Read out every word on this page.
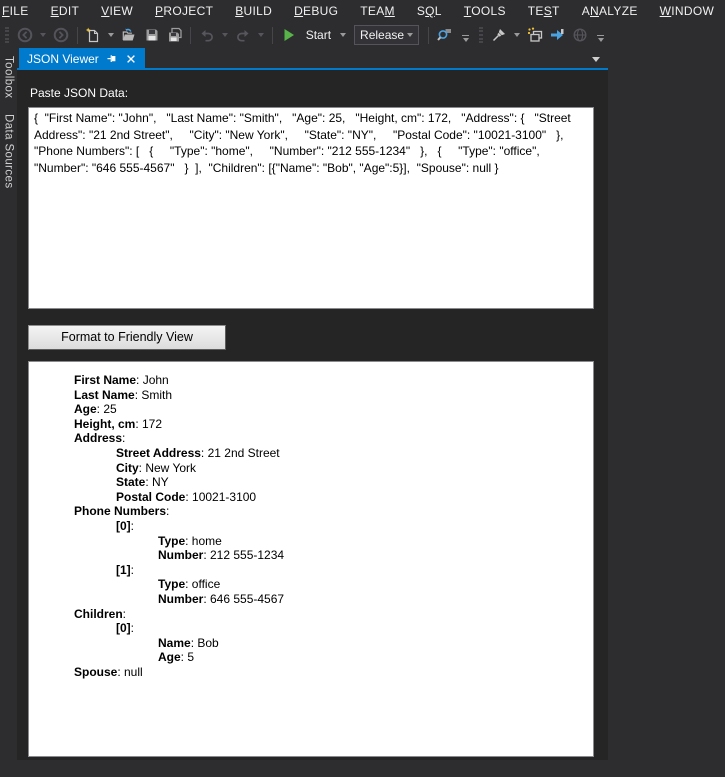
FILE	EDIT	VIEW	PROJECT	BUILD	DEBUG	TEAM	SQL	TOOLS	TEST	ANALYZE	WINDOW
Start Release
Toolbox
Data Sources
JSON Viewer
Paste JSON Data:
{  "First Name": "John",   "Last Name": "Smith",   "Age": 25,   "Height, cm": 172,   "Address": {   "Street Address": "21 2nd Street",     "City": "New York",     "State": "NY",     "Postal Code": "10021-3100"   },  "Phone Numbers": [   {     "Type": "home",     "Number": "212 555-1234"   },   {     "Type": "office",     "Number": "646 555-4567"   }  ],  "Children": [{"Name": "Bob", "Age":5}],  "Spouse": null }
Format to Friendly View
First Name: John
Last Name: Smith
Age: 25
Height, cm: 172
Address:
Street Address: 21 2nd Street
City: New York
State: NY
Postal Code: 10021-3100
Phone Numbers:
[0]:
Type: home
Number: 212 555-1234
[1]:
Type: office
Number: 646 555-4567
Children:
[0]:
Name: Bob
Age: 5
Spouse: null
